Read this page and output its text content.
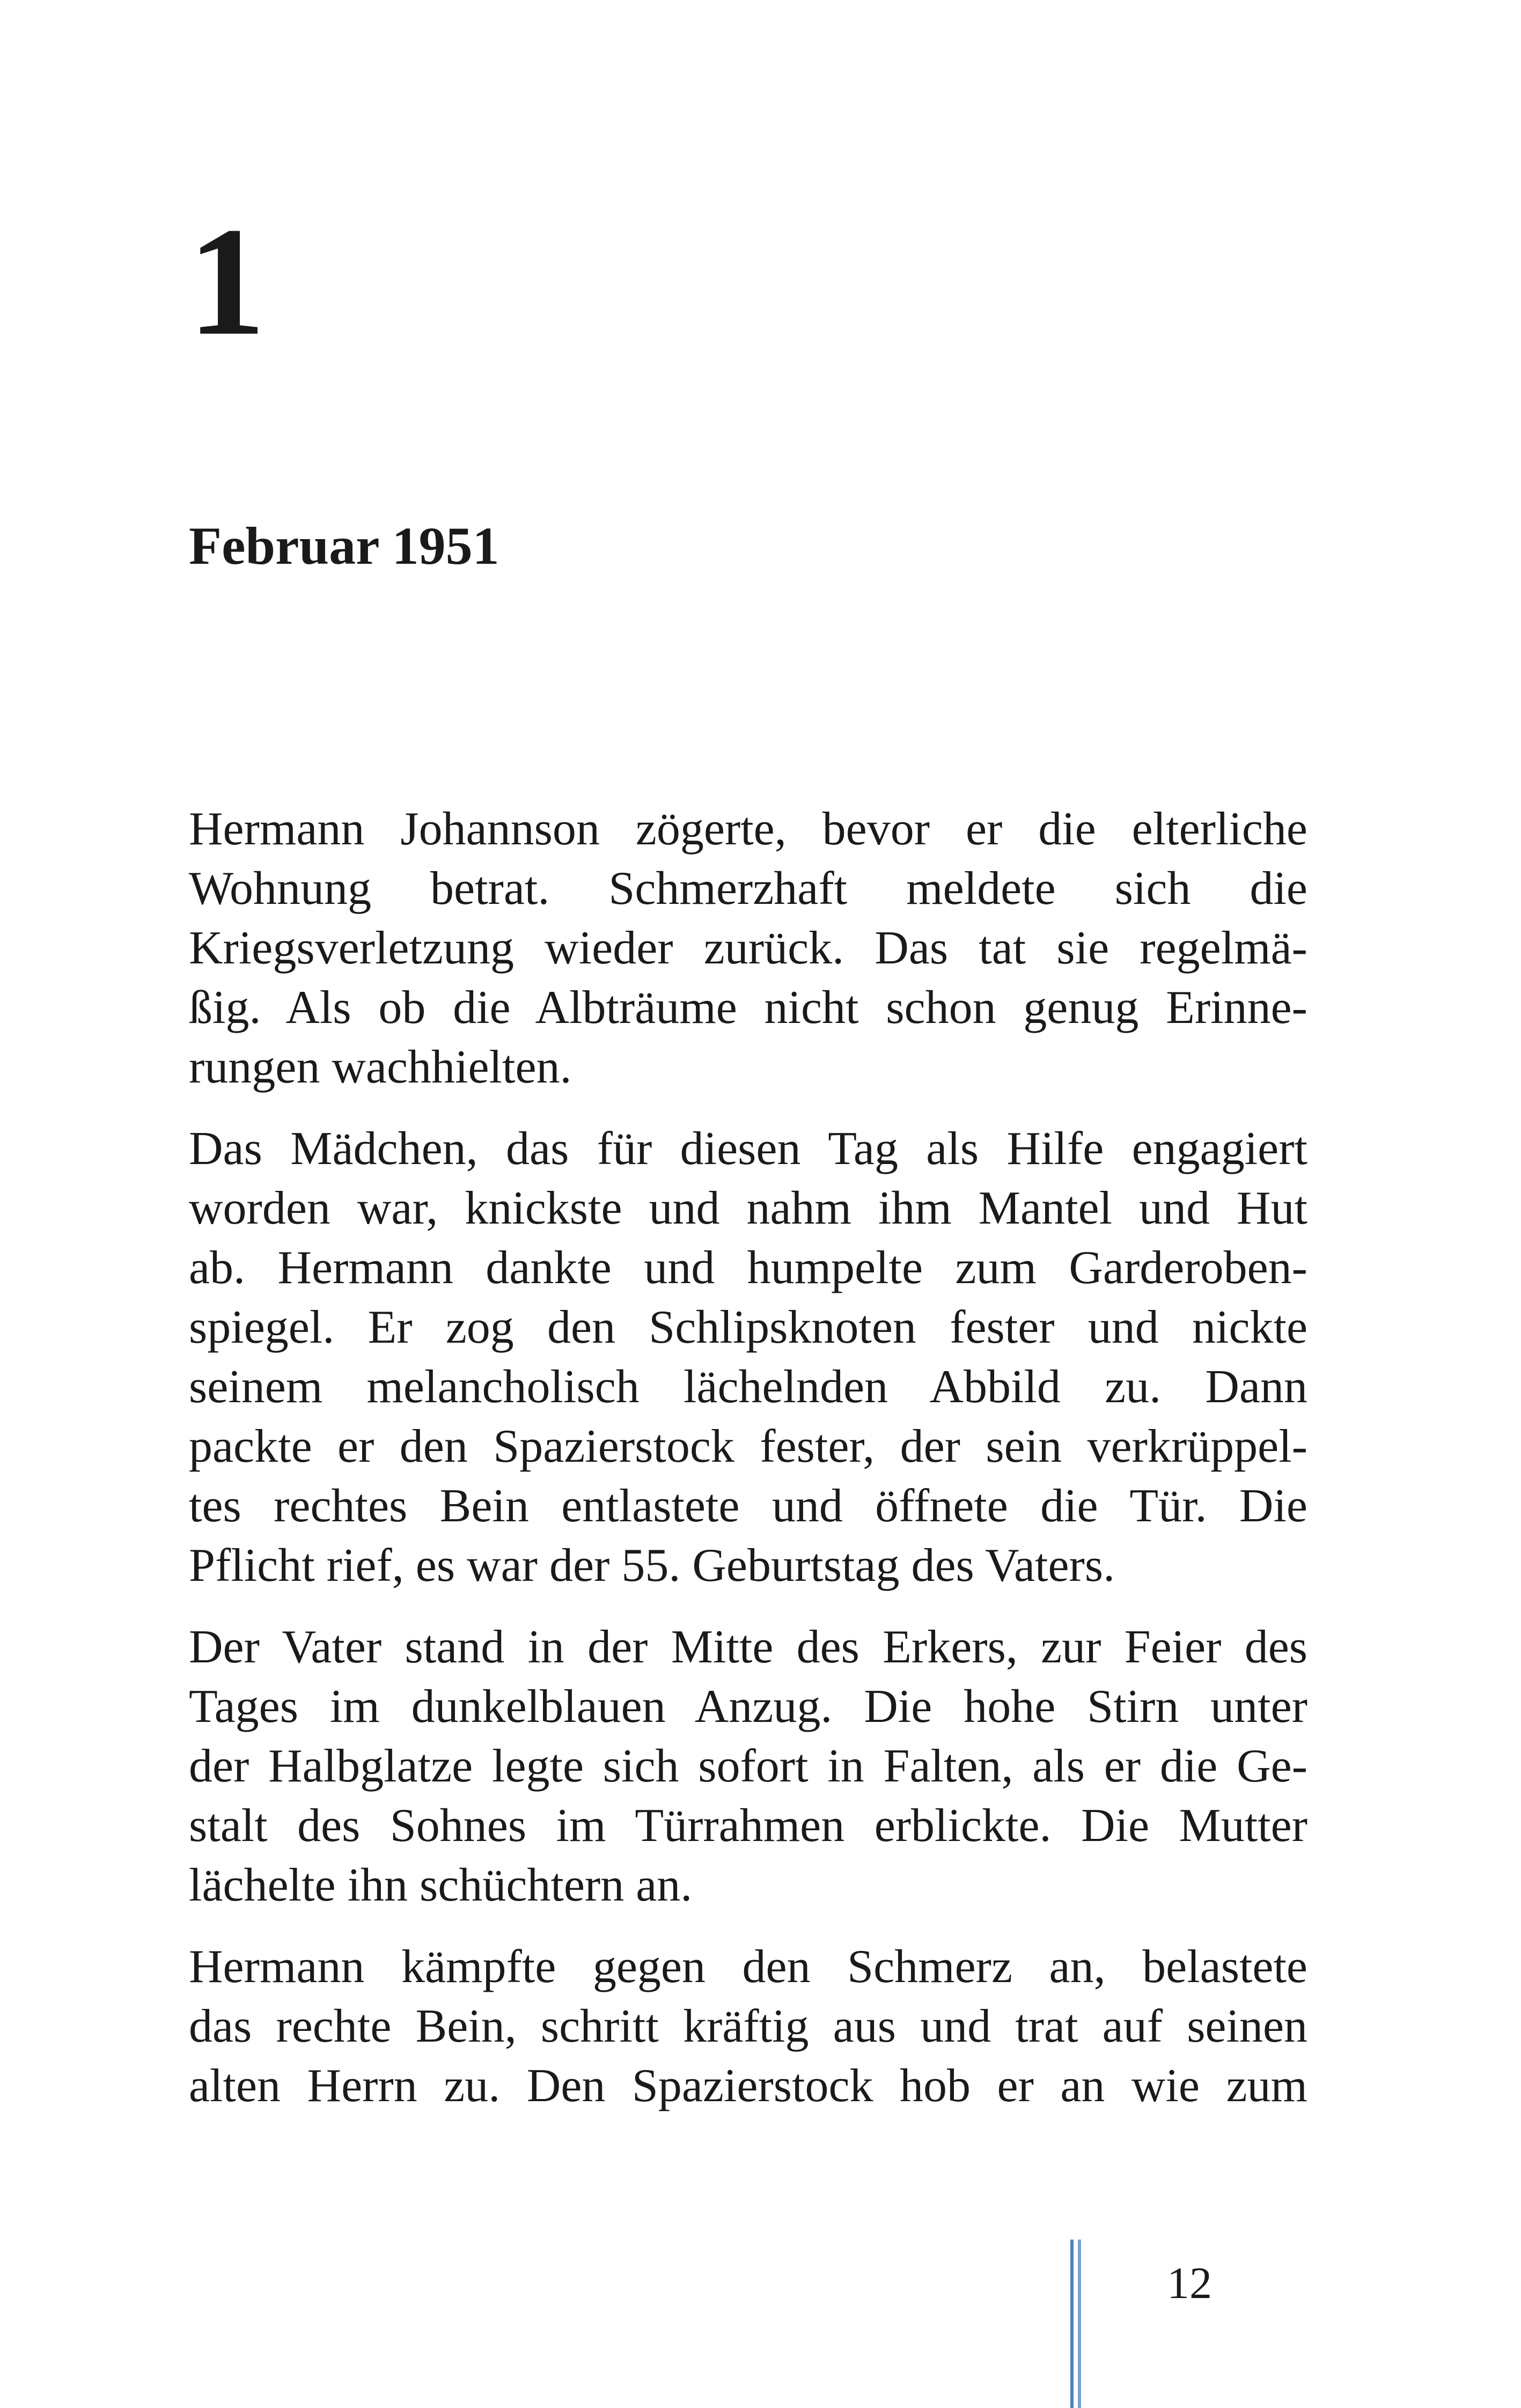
1
Februar 1951
Hermann Johannson zögerte, bevor er die elterliche
Wohnung betrat. Schmerzhaft meldete sich die
Kriegsverletzung wieder zurück. Das tat sie regelmä-
ßig. Als ob die Albträume nicht schon genug Erinne-
rungen wachhielten.
Das Mädchen, das für diesen Tag als Hilfe engagiert
worden war, knickste und nahm ihm Mantel und Hut
ab. Hermann dankte und humpelte zum Garderoben-
spiegel. Er zog den Schlipsknoten fester und nickte
seinem melancholisch lächelnden Abbild zu. Dann
packte er den Spazierstock fester, der sein verkrüppel-
tes rechtes Bein entlastete und öffnete die Tür. Die
Pflicht rief, es war der 55. Geburtstag des Vaters.
Der Vater stand in der Mitte des Erkers, zur Feier des
Tages im dunkelblauen Anzug. Die hohe Stirn unter
der Halbglatze legte sich sofort in Falten, als er die Ge-
stalt des Sohnes im Türrahmen erblickte. Die Mutter
lächelte ihn schüchtern an.
Hermann kämpfte gegen den Schmerz an, belastete
das rechte Bein, schritt kräftig aus und trat auf seinen
alten Herrn zu. Den Spazierstock hob er an wie zum

12
